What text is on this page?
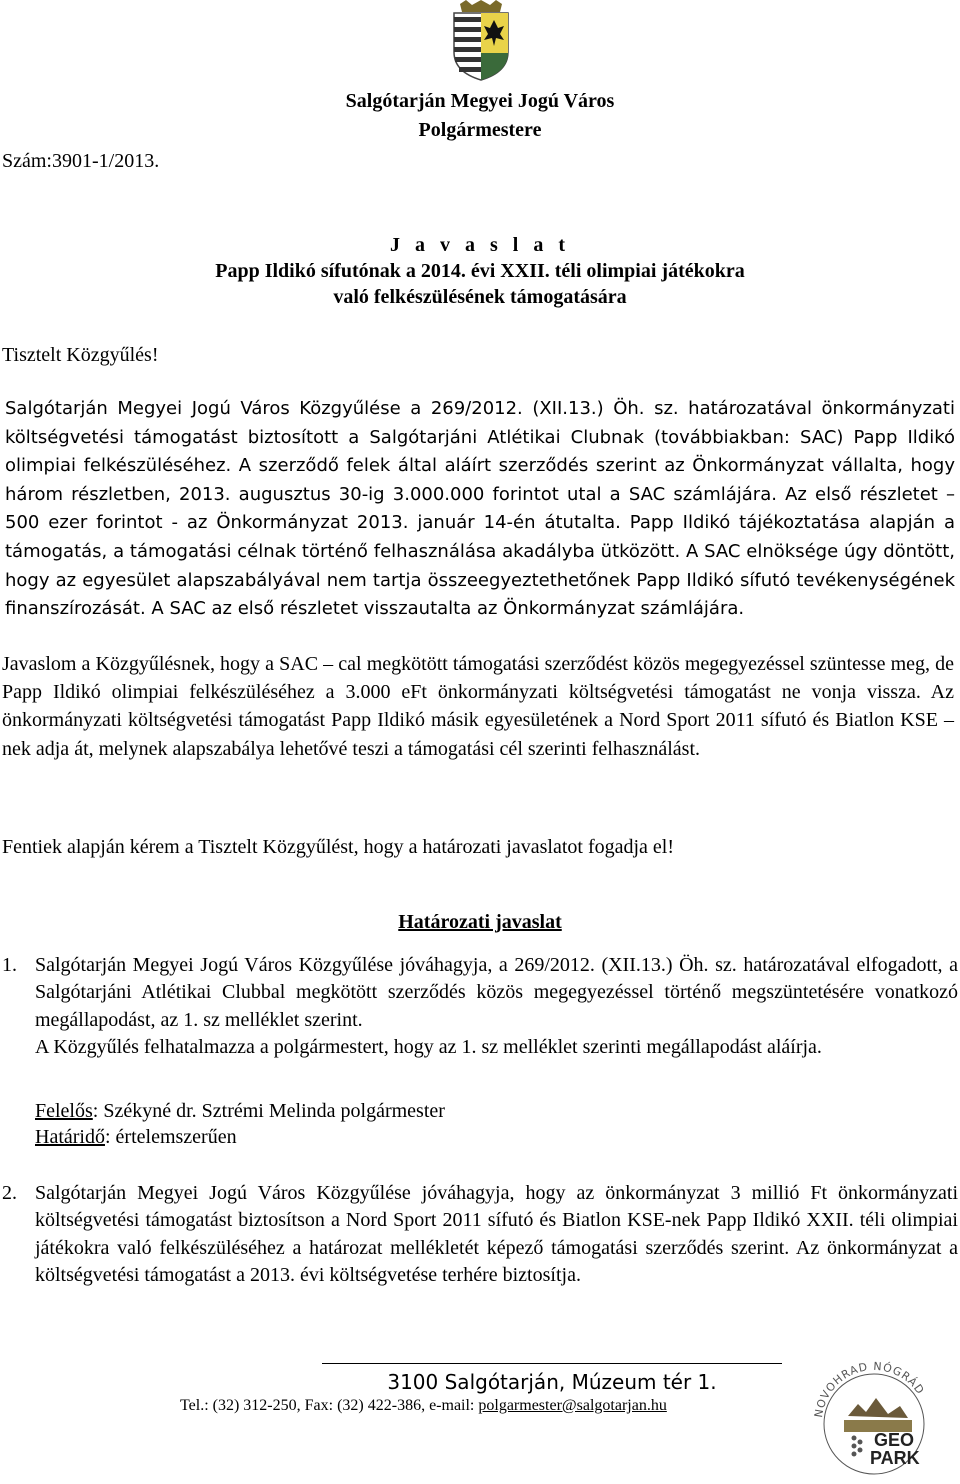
Salgótarján Megyei Jogú Város
Polgármestere
Szám:3901-1/2013.
J a v a s l a t
Papp Ildikó sífutónak a 2014. évi XXII. téli olimpiai játékokra
való felkészülésének támogatására
Tisztelt Közgyűlés!
Salgótarján Megyei Jogú Város Közgyűlése a 269/2012. (XII.13.) Öh. sz. határozatával önkormányzati költségvetési támogatást biztosított a Salgótarjáni Atlétikai Clubnak (továbbiakban: SAC) Papp Ildikó olimpiai felkészüléséhez. A szerződő felek által aláírt szerződés szerint az Önkormányzat vállalta, hogy három részletben, 2013. augusztus 30-ig 3.000.000 forintot utal a SAC számlájára. Az első részletet – 500 ezer forintot - az Önkormányzat 2013. január 14-én átutalta. Papp Ildikó tájékoztatása alapján a támogatás, a támogatási célnak történő felhasználása akadályba ütközött. A SAC elnöksége úgy döntött, hogy az egyesület alapszabályával nem tartja összeegyeztethetőnek Papp Ildikó sífutó tevékenységének finanszírozását. A SAC az első részletet visszautalta az Önkormányzat számlájára.
Javaslom a Közgyűlésnek, hogy a SAC – cal megkötött támogatási szerződést közös megegyezéssel szüntesse meg, de Papp Ildikó olimpiai felkészüléséhez a 3.000 eFt önkormányzati költségvetési támogatást ne vonja vissza. Az önkormányzati költségvetési támogatást Papp Ildikó másik egyesületének a Nord Sport 2011 sífutó és Biatlon KSE – nek adja át, melynek alapszabálya lehetővé teszi a támogatási cél szerinti felhasználást.
Fentiek alapján kérem a Tisztelt Közgyűlést, hogy a határozati javaslatot fogadja el!
Határozati javaslat
1. Salgótarján Megyei Jogú Város Közgyűlése jóváhagyja, a 269/2012. (XII.13.) Öh. sz. határozatával elfogadott, a Salgótarjáni Atlétikai Clubbal megkötött szerződés közös megegyezéssel történő megszüntetésére vonatkozó megállapodást, az 1. sz melléklet szerint.
A Közgyűlés felhatalmazza a polgármestert, hogy az 1. sz melléklet szerinti megállapodást aláírja.
Felelős: Székyné dr. Sztrémi Melinda polgármester
Határidő: értelemszerűen
2. Salgótarján Megyei Jogú Város Közgyűlése jóváhagyja, hogy az önkormányzat 3 millió Ft önkormányzati költségvetési támogatást biztosítson a Nord Sport 2011 sífutó és Biatlon KSE-nek Papp Ildikó XXII. téli olimpiai játékokra való felkészüléséhez a határozat mellékletét képező támogatási szerződés szerint. Az önkormányzat a költségvetési támogatást a 2013. évi költségvetése terhére biztosítja.
3100 Salgótarján, Múzeum tér 1.
Tel.: (32) 312-250, Fax: (32) 422-386, e-mail: polgarmester@salgotarjan.hu	NOVOHRAD NÓGRÁD
GEO
PARK
